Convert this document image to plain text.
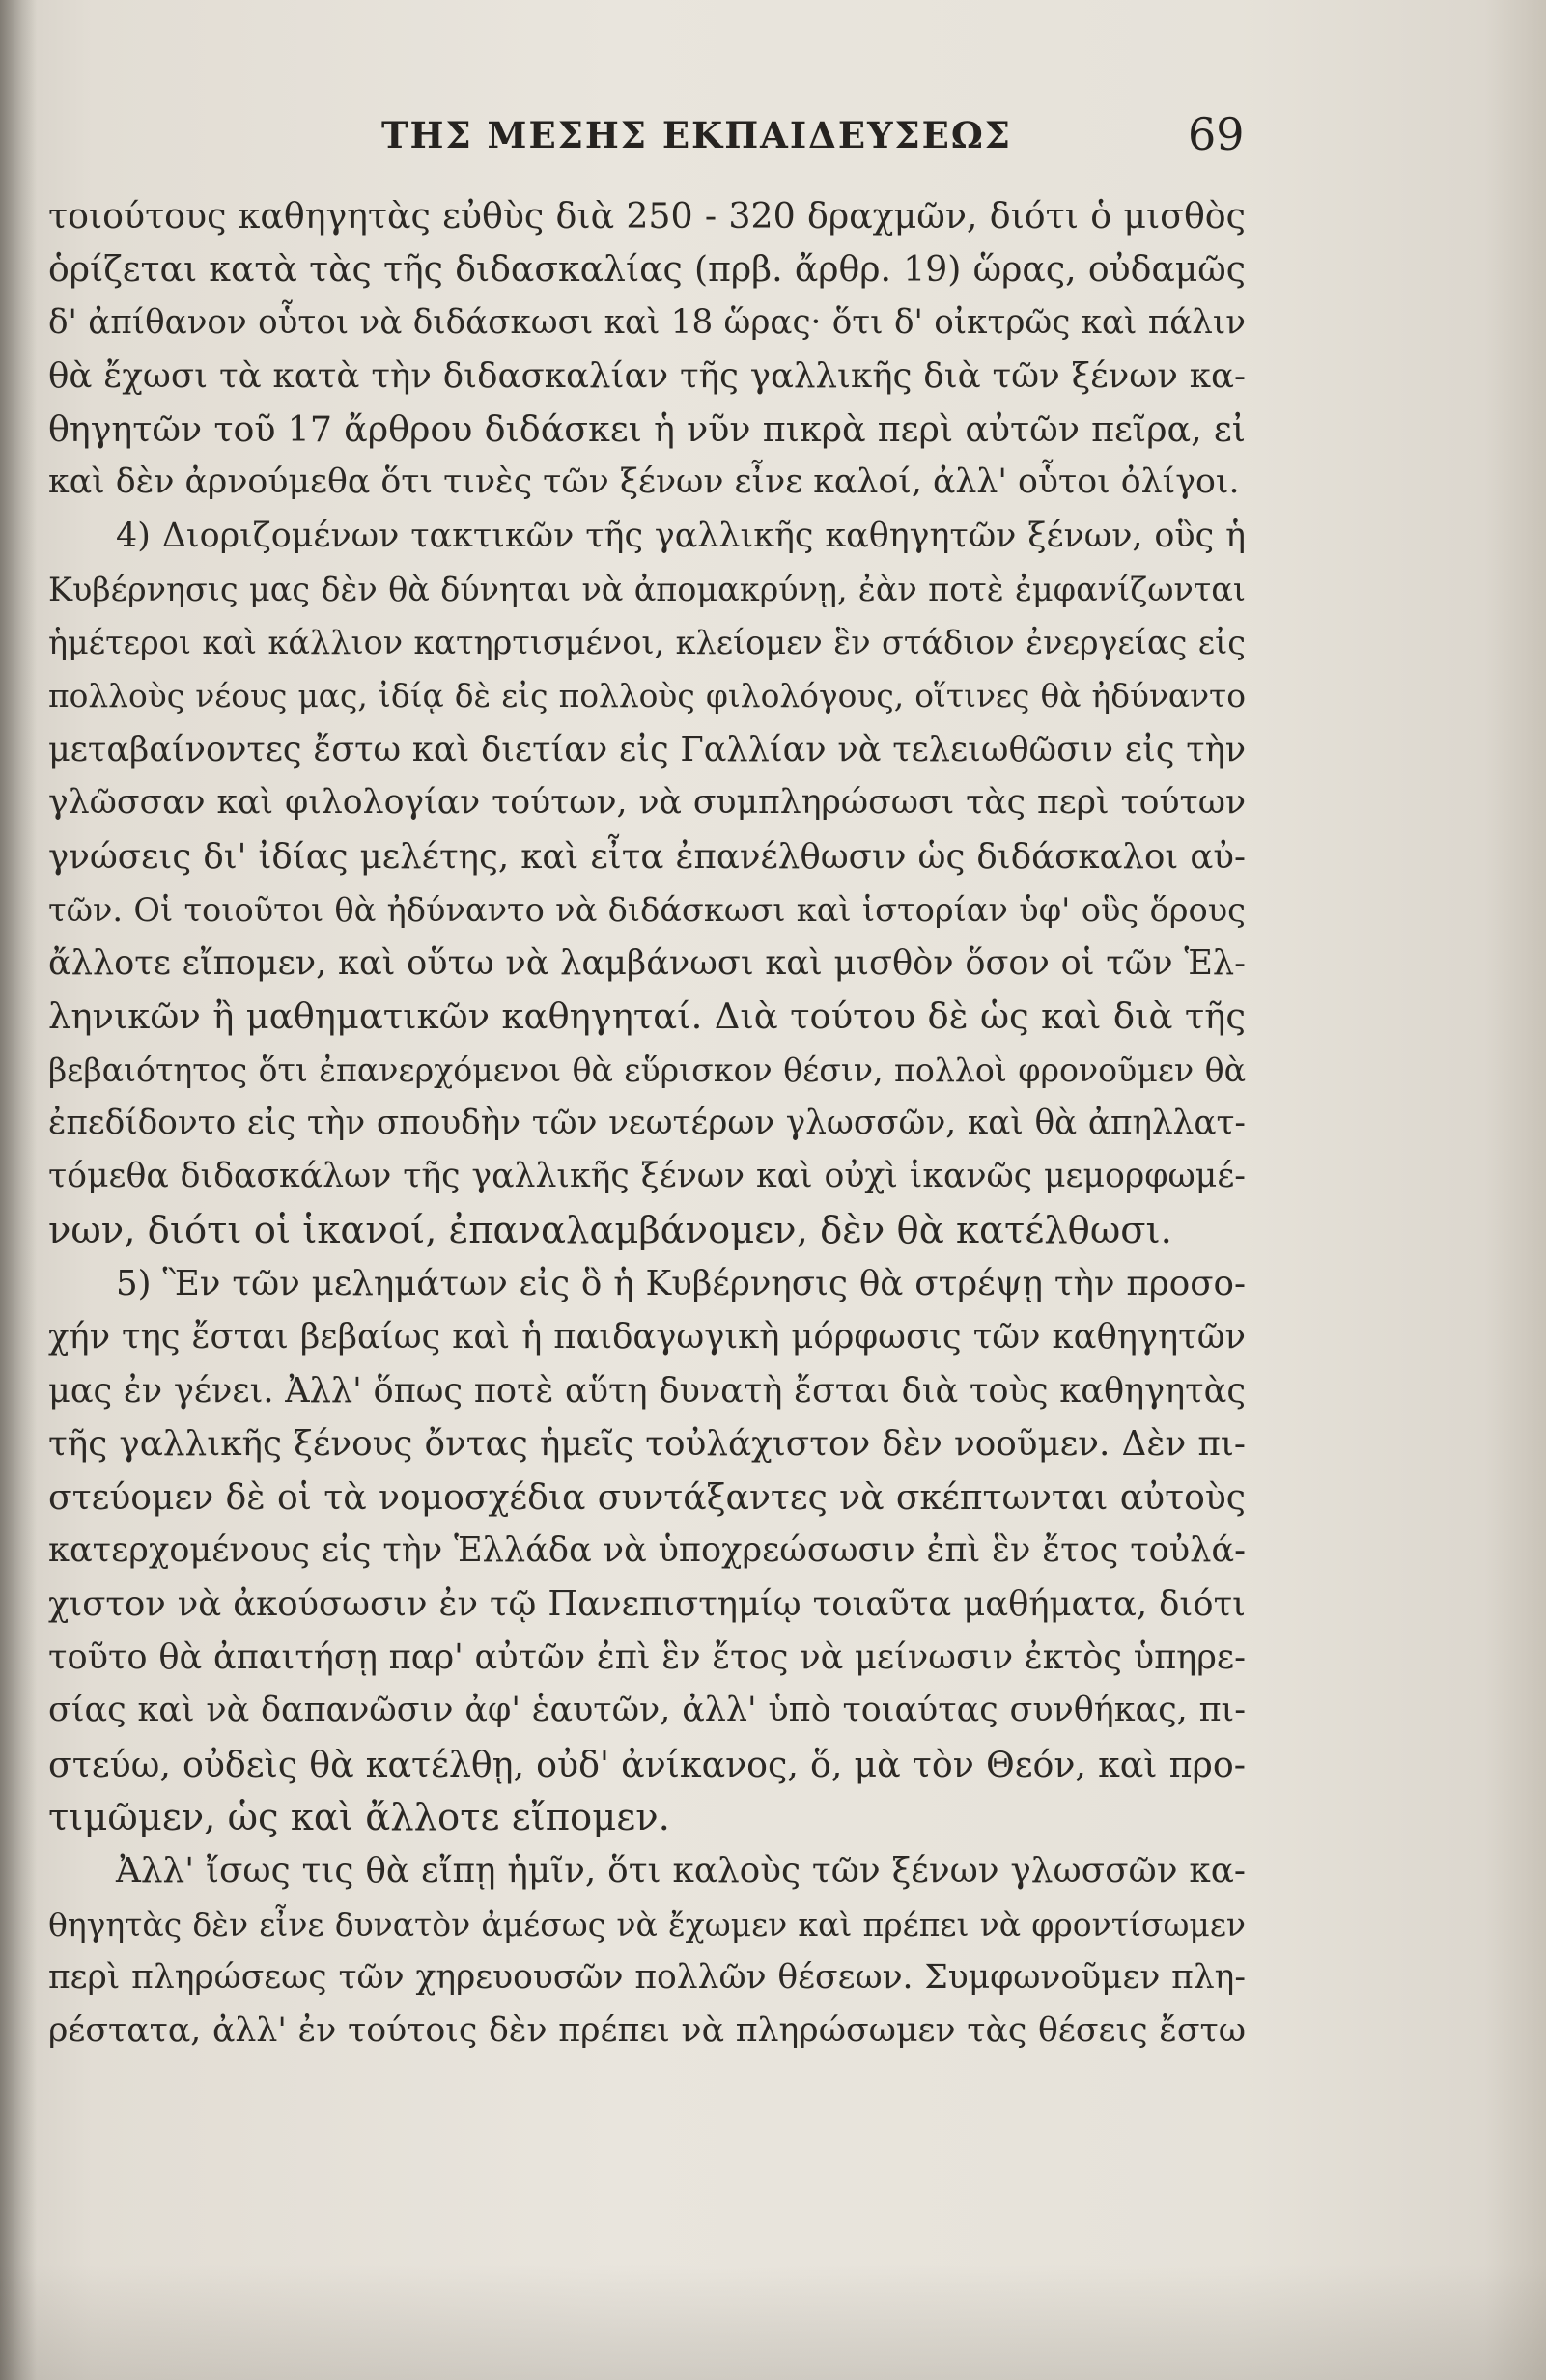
ΤΗΣ ΜΕΣΗΣ ΕΚΠΑΙΔΕΥΣΕΩΣ	69
τοιούτους καθηγητὰς εὐθὺς διὰ 250 - 320 δραχμῶν, διότι ὁ μισθὸς
ὁρίζεται κατὰ τὰς τῆς διδασκαλίας (πρβ. ἄρθρ. 19) ὥρας, οὐδαμῶς
δ' ἀπίθανον οὗτοι νὰ διδάσκωσι καὶ 18 ὥρας· ὅτι δ' οἰκτρῶς καὶ πάλιν
θὰ ἔχωσι τὰ κατὰ τὴν διδασκαλίαν τῆς γαλλικῆς διὰ τῶν ξένων κα-
θηγητῶν τοῦ 17 ἄρθρου διδάσκει ἡ νῦν πικρὰ περὶ αὐτῶν πεῖρα, εἰ
καὶ δὲν ἀρνούμεθα ὅτι τινὲς τῶν ξένων εἶνε καλοί, ἀλλ' οὗτοι ὀλίγοι.
4) Διοριζομένων τακτικῶν τῆς γαλλικῆς καθηγητῶν ξένων, οὓς ἡ
Κυβέρνησις μας δὲν θὰ δύνηται νὰ ἀπομακρύνῃ, ἐὰν ποτὲ ἐμφανίζωνται
ἡμέτεροι καὶ κάλλιον κατηρτισμένοι, κλείομεν ἓν στάδιον ἐνεργείας εἰς
πολλοὺς νέους μας, ἰδίᾳ δὲ εἰς πολλοὺς φιλολόγους, οἵτινες θὰ ἠδύναντο
μεταβαίνοντες ἔστω καὶ διετίαν εἰς Γαλλίαν νὰ τελειωθῶσιν εἰς τὴν
γλῶσσαν καὶ φιλολογίαν τούτων, νὰ συμπληρώσωσι τὰς περὶ τούτων
γνώσεις δι' ἰδίας μελέτης, καὶ εἶτα ἐπανέλθωσιν ὡς διδάσκαλοι αὐ-
τῶν. Οἱ τοιοῦτοι θὰ ἠδύναντο νὰ διδάσκωσι καὶ ἱστορίαν ὑφ' οὓς ὅρους
ἄλλοτε εἴπομεν, καὶ οὕτω νὰ λαμβάνωσι καὶ μισθὸν ὅσον οἱ τῶν Ἑλ-
ληνικῶν ἢ μαθηματικῶν καθηγηταί. Διὰ τούτου δὲ ὡς καὶ διὰ τῆς
βεβαιότητος ὅτι ἐπανερχόμενοι θὰ εὕρισκον θέσιν, πολλοὶ φρονοῦμεν θὰ
ἐπεδίδοντο εἰς τὴν σπουδὴν τῶν νεωτέρων γλωσσῶν, καὶ θὰ ἀπηλλατ-
τόμεθα διδασκάλων τῆς γαλλικῆς ξένων καὶ οὐχὶ ἱκανῶς μεμορφωμέ-
νων, διότι οἱ ἱκανοί, ἐπαναλαμβάνομεν, δὲν θὰ κατέλθωσι.
5) Ἓν τῶν μελημάτων εἰς ὃ ἡ Κυβέρνησις θὰ στρέψῃ τὴν προσο-
χήν της ἔσται βεβαίως καὶ ἡ παιδαγωγικὴ μόρφωσις τῶν καθηγητῶν
μας ἐν γένει. Ἀλλ' ὅπως ποτὲ αὕτη δυνατὴ ἔσται διὰ τοὺς καθηγητὰς
τῆς γαλλικῆς ξένους ὄντας ἡμεῖς τοὐλάχιστον δὲν νοοῦμεν. Δὲν πι-
στεύομεν δὲ οἱ τὰ νομοσχέδια συντάξαντες νὰ σκέπτωνται αὐτοὺς
κατερχομένους εἰς τὴν Ἑλλάδα νὰ ὑποχρεώσωσιν ἐπὶ ἓν ἔτος τοὐλά-
χιστον νὰ ἀκούσωσιν ἐν τῷ Πανεπιστημίῳ τοιαῦτα μαθήματα, διότι
τοῦτο θὰ ἀπαιτήσῃ παρ' αὐτῶν ἐπὶ ἓν ἔτος νὰ μείνωσιν ἐκτὸς ὑπηρε-
σίας καὶ νὰ δαπανῶσιν ἀφ' ἑαυτῶν, ἀλλ' ὑπὸ τοιαύτας συνθήκας, πι-
στεύω, οὐδεὶς θὰ κατέλθῃ, οὐδ' ἀνίκανος, ὅ, μὰ τὸν Θεόν, καὶ προ-
τιμῶμεν, ὡς καὶ ἄλλοτε εἴπομεν.
Ἀλλ' ἴσως τις θὰ εἴπῃ ἡμῖν, ὅτι καλοὺς τῶν ξένων γλωσσῶν κα-
θηγητὰς δὲν εἶνε δυνατὸν ἀμέσως νὰ ἔχωμεν καὶ πρέπει νὰ φροντίσωμεν
περὶ πληρώσεως τῶν χηρευουσῶν πολλῶν θέσεων. Συμφωνοῦμεν πλη-
ρέστατα, ἀλλ' ἐν τούτοις δὲν πρέπει νὰ πληρώσωμεν τὰς θέσεις ἔστω
